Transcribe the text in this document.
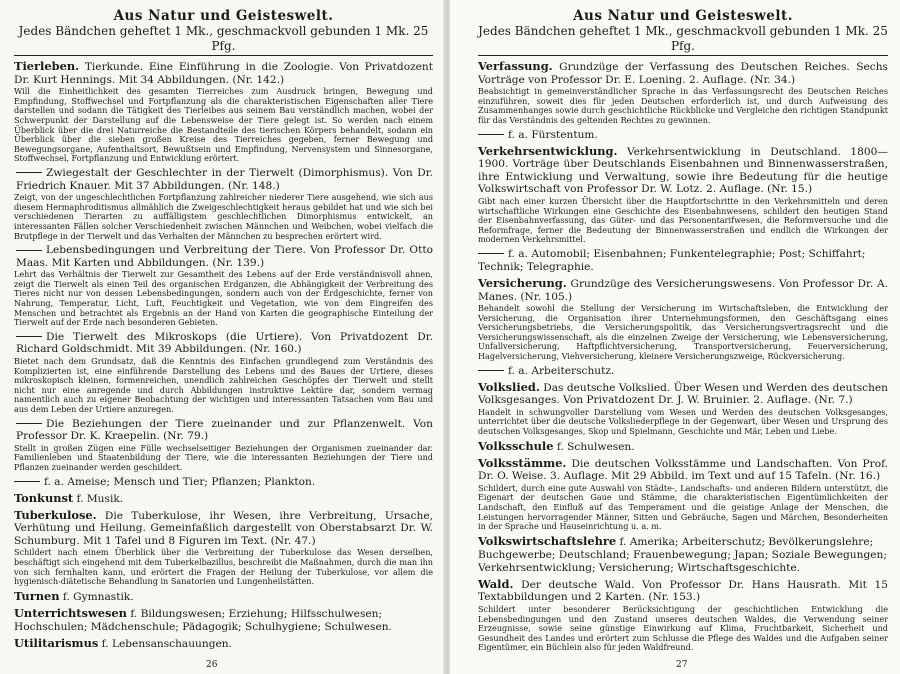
Aus Natur und Geisteswelt.
Jedes Bändchen geheftet 1 Mk., geschmackvoll gebunden 1 Mk. 25 Pfg.
Tierleben. Tierkunde. Eine Einführung in die Zoologie. Von Privatdozent Dr. Kurt Hennings. Mit 34 Abbildungen. (Nr. 142.)
Will die Einheitlichkeit des gesamten Tierreiches zum Ausdruck bringen, Bewegung und Empfindung, Stoffwechsel und Fortpflanzung als die charakteristischen Eigenschaften aller Tiere darstellen und sodann die Tätigkeit des Tierleibes aus seinem Bau verständlich machen, wobei der Schwerpunkt der Darstellung auf die Lebensweise der Tiere gelegt ist. So werden nach einem Überblick über die drei Naturreiche die Bestandteile des tierischen Körpers behandelt, sodann ein Überblick über die sieben großen Kreise des Tierreiches gegeben, ferner Bewegung und Bewegungsorgane, Aufenthaltsort, Bewußtsein und Empfindung, Nervensystem und Sinnesorgane, Stoffwechsel, Fortpflanzung und Entwicklung erörtert.
Zwiegestalt der Geschlechter in der Tierwelt (Dimorphismus). Von Dr. Friedrich Knauer. Mit 37 Abbildungen. (Nr. 148.)
Zeigt, von der ungeschlechtlichen Fortpflanzung zahlreicher niederer Tiere ausgehend, wie sich aus diesem Hermaphroditismus allmählich die Zweigeschlechtigkeit heraus gebildet hat und wie sich bei verschiedenen Tierarten zu auffälligstem geschlechtlichen Dimorphismus entwickelt, an interessanten Fällen solcher Verschiedenheit zwischen Männchen und Weibchen, wobei vielfach die Brutpflege in der Tierwelt und das Verhalten der Männchen zu besprechen erörtert wird.
Lebensbedingungen und Verbreitung der Tiere. Von Professor Dr. Otto Maas. Mit Karten und Abbildungen. (Nr. 139.)
Lehrt das Verhältnis der Tierwelt zur Gesamtheit des Lebens auf der Erde verständnisvoll ahnen, zeigt die Tierwelt als einen Teil des organischen Erdganzen, die Abhängigkeit der Verbreitung des Tieres nicht nur von dessen Lebensbedingungen, sondern auch von der Erdgeschichte, ferner von Nahrung, Temperatur, Licht, Luft, Feuchtigkeit und Vegetation, wie von dem Eingreifen des Menschen und betrachtet als Ergebnis an der Hand von Karten die geographische Einteilung der Tierwelt auf der Erde nach besonderen Gebieten.
Die Tierwelt des Mikroskops (die Urtiere). Von Privatdozent Dr. Richard Goldschmidt. Mit 39 Abbildungen. (Nr. 160.)
Bietet nach dem Grundsatz, daß die Kenntnis des Einfachen grundlegend zum Verständnis des Komplizierten ist, eine einführende Darstellung des Lebens und des Baues der Urtiere, dieses mikroskopisch kleinen, formenreichen, unendlich zahlreichen Geschöpfes der Tierwelt und stellt nicht nur eine anregende und durch Abbildungen instruktive Lektüre dar, sondern vermag namentlich auch zu eigener Beobachtung der wichtigen und interessanten Tatsachen vom Bau und aus dem Leben der Urtiere anzuregen.
Die Beziehungen der Tiere zueinander und zur Pflanzenwelt. Von Professor Dr. K. Kraepelin. (Nr. 79.)
Stellt in großen Zügen eine Fülle wechselseitiger Beziehungen der Organismen zueinander dar. Familienleben und Staatenbildung der Tiere, wie die interessanten Beziehungen der Tiere und Pflanzen zueinander werden geschildert.
f. a. Ameise; Mensch und Tier; Pflanzen; Plankton.
Tonkunst f. Musik.
Tuberkulose. Die Tuberkulose, ihr Wesen, ihre Verbreitung, Ursache, Verhütung und Heilung. Gemeinfaßlich dargestellt von Oberstabsarzt Dr. W. Schumburg. Mit 1 Tafel und 8 Figuren im Text. (Nr. 47.)
Schildert nach einem Überblick über die Verbreitung der Tuberkulose das Wesen derselben, beschäftigt sich eingehend mit dem Tuberkelbazillus, beschreibt die Maßnahmen, durch die man ihn von sich fernhalten kann, und erörtert die Fragen der Heilung der Tuberkulose, vor allem die hygienisch-diätetische Behandlung in Sanatorien und Lungenheilstätten.
Turnen f. Gymnastik.
Unterrichtswesen f. Bildungswesen; Erziehung; Hilfsschulwesen; Hochschulen; Mädchenschule; Pädagogik; Schulhygiene; Schulwesen.
Utilitarismus f. Lebensanschauungen.
26
Aus Natur und Geisteswelt.
Jedes Bändchen geheftet 1 Mk., geschmackvoll gebunden 1 Mk. 25 Pfg.
Verfassung. Grundzüge der Verfassung des Deutschen Reiches. Sechs Vorträge von Professor Dr. E. Loening. 2. Auflage. (Nr. 34.)
Beabsichtigt in gemeinverständlicher Sprache in das Verfassungsrecht des Deutschen Reiches einzuführen, soweit dies für jeden Deutschen erforderlich ist, und durch Aufweisung des Zusammenhanges sowie durch geschichtliche Rückblicke und Vergleiche den richtigen Standpunkt für das Verständnis des geltenden Rechtes zu gewinnen.
f. a. Fürstentum.
Verkehrsentwicklung. Verkehrsentwicklung in Deutschland. 1800—1900. Vorträge über Deutschlands Eisenbahnen und Binnenwasserstraßen, ihre Entwicklung und Verwaltung, sowie ihre Bedeutung für die heutige Volkswirtschaft von Professor Dr. W. Lotz. 2. Auflage. (Nr. 15.)
Gibt nach einer kurzen Übersicht über die Hauptfortschritte in den Verkehrsmitteln und deren wirtschaftliche Wirkungen eine Geschichte des Eisenbahnwesens, schildert den heutigen Stand der Eisenbahnverfassung, das Güter- und das Personentarifwesen, die Reformversuche und die Reformfrage, ferner die Bedeutung der Binnenwasserstraßen und endlich die Wirkungen der modernen Verkehrsmittel.
f. a. Automobil; Eisenbahnen; Funkentelegraphie; Post; Schiffahrt; Technik; Telegraphie.
Versicherung. Grundzüge des Versicherungswesens. Von Professor Dr. A. Manes. (Nr. 105.)
Behandelt sowohl die Stellung der Versicherung im Wirtschaftsleben, die Entwicklung der Versicherung, die Organisation ihrer Unternehmungsformen, den Geschäftsgang eines Versicherungsbetriebs, die Versicherungspolitik, das Versicherungsvertragsrecht und die Versicherungswissenschaft, als die einzelnen Zweige der Versicherung, wie Lebensversicherung, Unfallversicherung, Haftpflichtversicherung, Transportversicherung, Feuerversicherung, Hagelversicherung, Viehversicherung, kleinere Versicherungszweige, Rückversicherung.
f. a. Arbeiterschutz.
Volkslied. Das deutsche Volkslied. Über Wesen und Werden des deutschen Volksgesanges. Von Privatdozent Dr. J. W. Bruinier. 2. Auflage. (Nr. 7.)
Handelt in schwungvoller Darstellung vom Wesen und Werden des deutschen Volksgesanges, unterrichtet über die deutsche Volksliederpflege in der Gegenwart, über Wesen und Ursprung des deutschen Volksgesanges, Skop und Spielmann, Geschichte und Mär, Leben und Liebe.
Volksschule f. Schulwesen.
Volksstämme. Die deutschen Volksstämme und Landschaften. Von Prof. Dr. O. Weise. 3. Auflage. Mit 29 Abbild. im Text und auf 15 Tafeln. (Nr. 16.)
Schildert, durch eine gute Auswahl von Städte-, Landschafts- und anderen Bildern unterstützt, die Eigenart der deutschen Gaue und Stämme, die charakteristischen Eigentümlichkeiten der Landschaft, den Einfluß auf das Temperament und die geistige Anlage der Menschen, die Leistungen hervorragender Männer, Sitten und Gebräuche, Sagen und Märchen, Besonderheiten in der Sprache und Hauseinrichtung u. a. m.
Volkswirtschaftslehre f. Amerika; Arbeiterschutz; Bevölkerungslehre; Buchgewerbe; Deutschland; Frauenbewegung; Japan; Soziale Bewegungen; Verkehrsentwicklung; Versicherung; Wirtschaftsgeschichte.
Wald. Der deutsche Wald. Von Professor Dr. Hans Hausrath. Mit 15 Textabbildungen und 2 Karten. (Nr. 153.)
Schildert unter besonderer Berücksichtigung der geschichtlichen Entwicklung die Lebensbedingungen und den Zustand unseres deutschen Waldes, die Verwendung seiner Erzeugnisse, sowie seine günstige Einwirkung auf Klima, Fruchtbarkeit, Sicherheit und Gesundheit des Landes und erörtert zum Schlusse die Pflege des Waldes und die Aufgaben seiner Eigentümer, ein Büchlein also für jeden Waldfreund.
27
